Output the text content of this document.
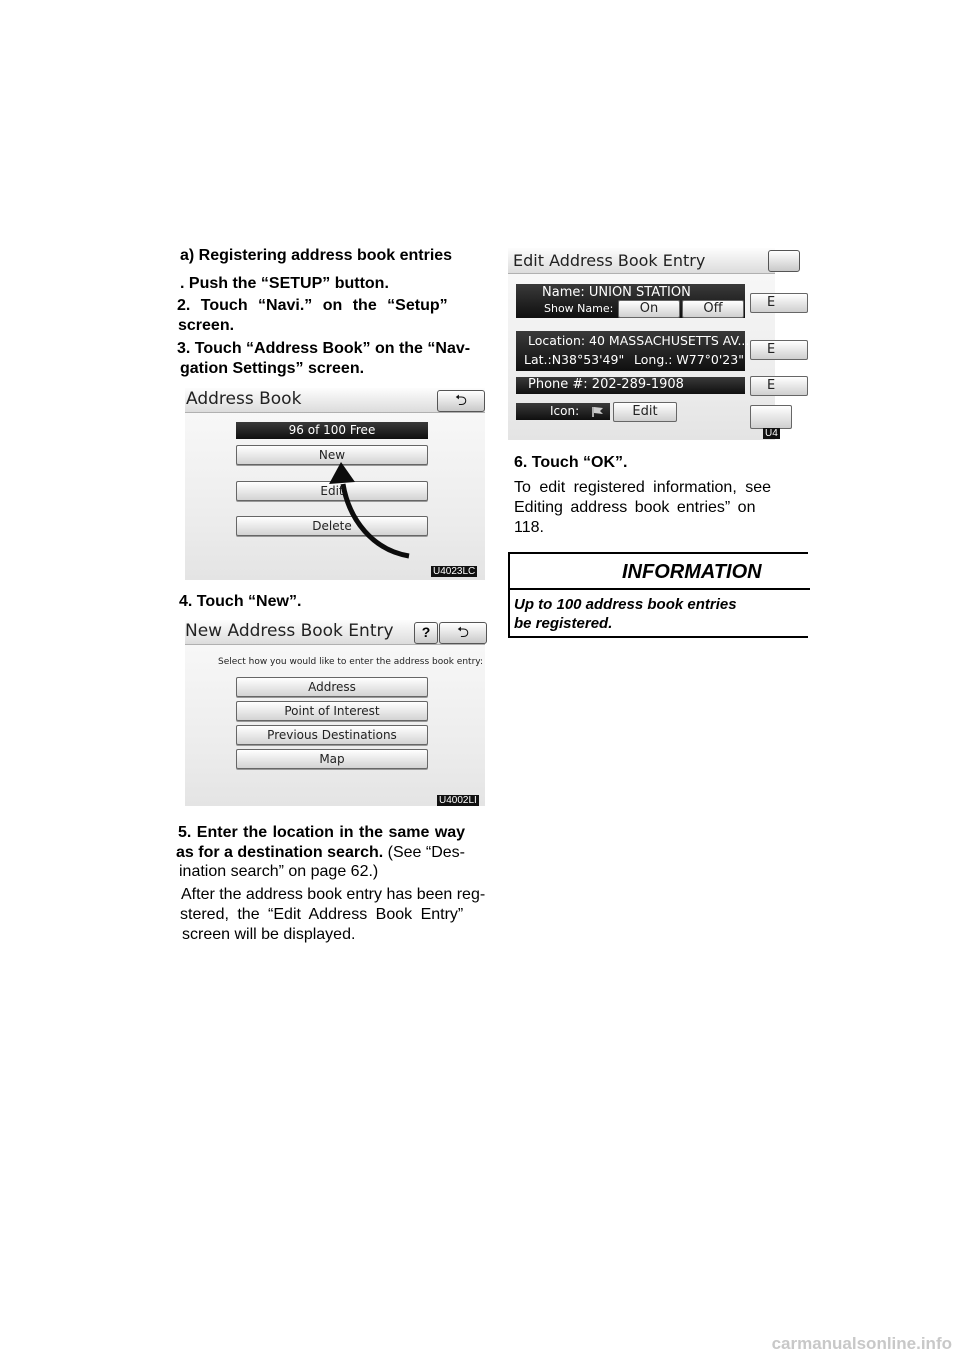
a) Registering address book entries
. Push the “SETUP” button.
2. Touch “Navi.” on the “Setup”
screen.
3. Touch “Address Book” on the “Nav-
gation Settings” screen.
Address Book	⮌
96 of 100 Free
New
Edit
Delete
U4023LC
4. Touch “New”.
New Address Book Entry	?	⮌
Select how you would like to enter the address book entry:
Address
Point of Interest
Previous Destinations
Map
U4002LI
5. Enter the location in the same way
as for a destination search. (See “Des-
ination search” on page 62.)
After the address book entry has been reg-
stered, the “Edit Address Book Entry”
screen will be displayed.
Edit Address Book Entry
Name: UNION STATION
Show Name:	On	Off
Location: 40 MASSACHUSETTS AV...
Lat.:N38°53'49" Long.: W77°0'23"
Phone #: 202-289-1908
Icon:	Edit
E
E
E
U4
6. Touch “OK”.
To edit registered information, see
Editing address book entries” on
118.
INFORMATION
Up to 100 address book entries
be registered.
carmanualsonline.info
